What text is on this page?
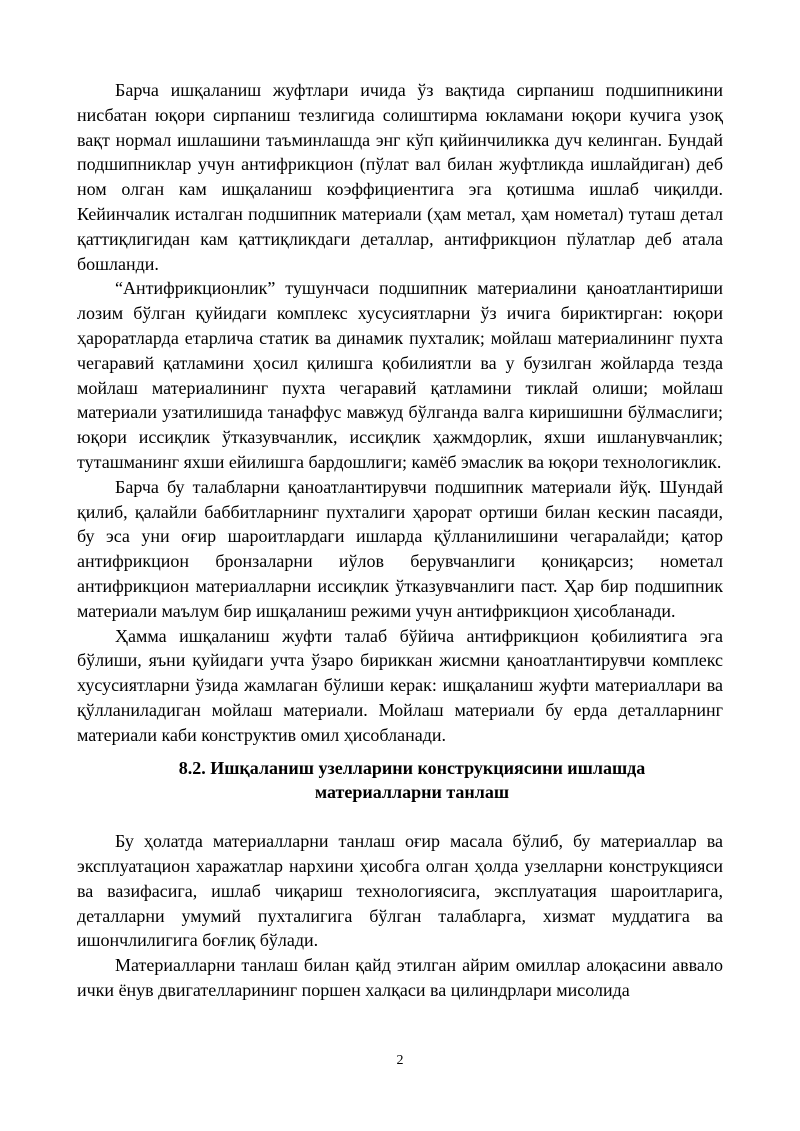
Барча ишқаланиш жуфтлари ичида ўз вақтида сирпаниш подшипникини нисбатан юқори сирпаниш тезлигида солиштирма юкламани юқори кучига узоқ вақт нормал ишлашини таъминлашда энг кўп қийинчиликка дуч келинган. Бундай подшипниклар учун антифрикцион (пўлат вал билан жуфтликда ишлайдиган) деб ном олган кам ишқаланиш коэффициентига эга қотишма ишлаб чиқилди. Кейинчалик исталган подшипник материали (ҳам метал, ҳам нометал) туташ детал қаттиқлигидан кам қаттиқликдаги деталлар, антифрикцион пўлатлар деб атала бошланди.

“Антифрикционлик” тушунчаси подшипник материалини қаноатлантириши лозим бўлган қуйидаги комплекс хусусиятларни ўз ичига бириктирган: юқори ҳароратларда етарлича статик ва динамик пухталик; мойлаш материалининг пухта чегаравий қатламини ҳосил қилишга қобилиятли ва у бузилган жойларда тезда мойлаш материалининг пухта чегаравий қатламини тиклай олиши; мойлаш материали узатилишида танаффус мавжуд бўлганда валга киришишни бўлмаслиги; юқори иссиқлик ўтказувчанлик, иссиқлик ҳажмдорлик, яхши ишланувчанлик; туташманинг яхши ейилишга бардошлиги; камёб эмаслик ва юқори технологиклик.

Барча бу талабларни қаноатлантирувчи подшипник материали йўқ. Шундай қилиб, қалайли баббитларнинг пухталиги ҳарорат ортиши билан кескин пасаяди, бу эса уни оғир шароитлардаги ишларда қўлланилишини чегаралайди; қатор антифрикцион бронзаларни иўлов берувчанлиги қониқарсиз; нометал антифрикцион материалларни иссиқлик ўтказувчанлиги паст. Ҳар бир подшипник материали маълум бир ишқаланиш режими учун антифрикцион ҳисобланади.

Ҳамма ишқаланиш жуфти талаб бўйича антифрикцион қобилиятига эга бўлиши, яъни қуйидаги учта ўзаро бириккан жисмни қаноатлантирувчи комплекс хусусиятларни ўзида жамлаган бўлиши керак: ишқаланиш жуфти материаллари ва қўлланиладиган мойлаш материали. Мойлаш материали бу ерда деталларнинг материали каби конструктив омил ҳисобланади.

8.2. Ишқаланиш узелларини конструкциясини ишлашда материалларни танлаш

Бу ҳолатда материалларни танлаш оғир масала бўлиб, бу материаллар ва эксплуатацион харажатлар нархини ҳисобга олган ҳолда узелларни конструкцияси ва вазифасига, ишлаб чиқариш технологиясига, эксплуатация шароитларига, деталларни умумий пухталигига бўлган талабларга, хизмат муддатига ва ишончлилигига боғлиқ бўлади.

Материалларни танлаш билан қайд этилган айрим омиллар алоқасини аввало ички ёнув двигателларининг поршен халқаси ва цилиндрлари мисолида

2
